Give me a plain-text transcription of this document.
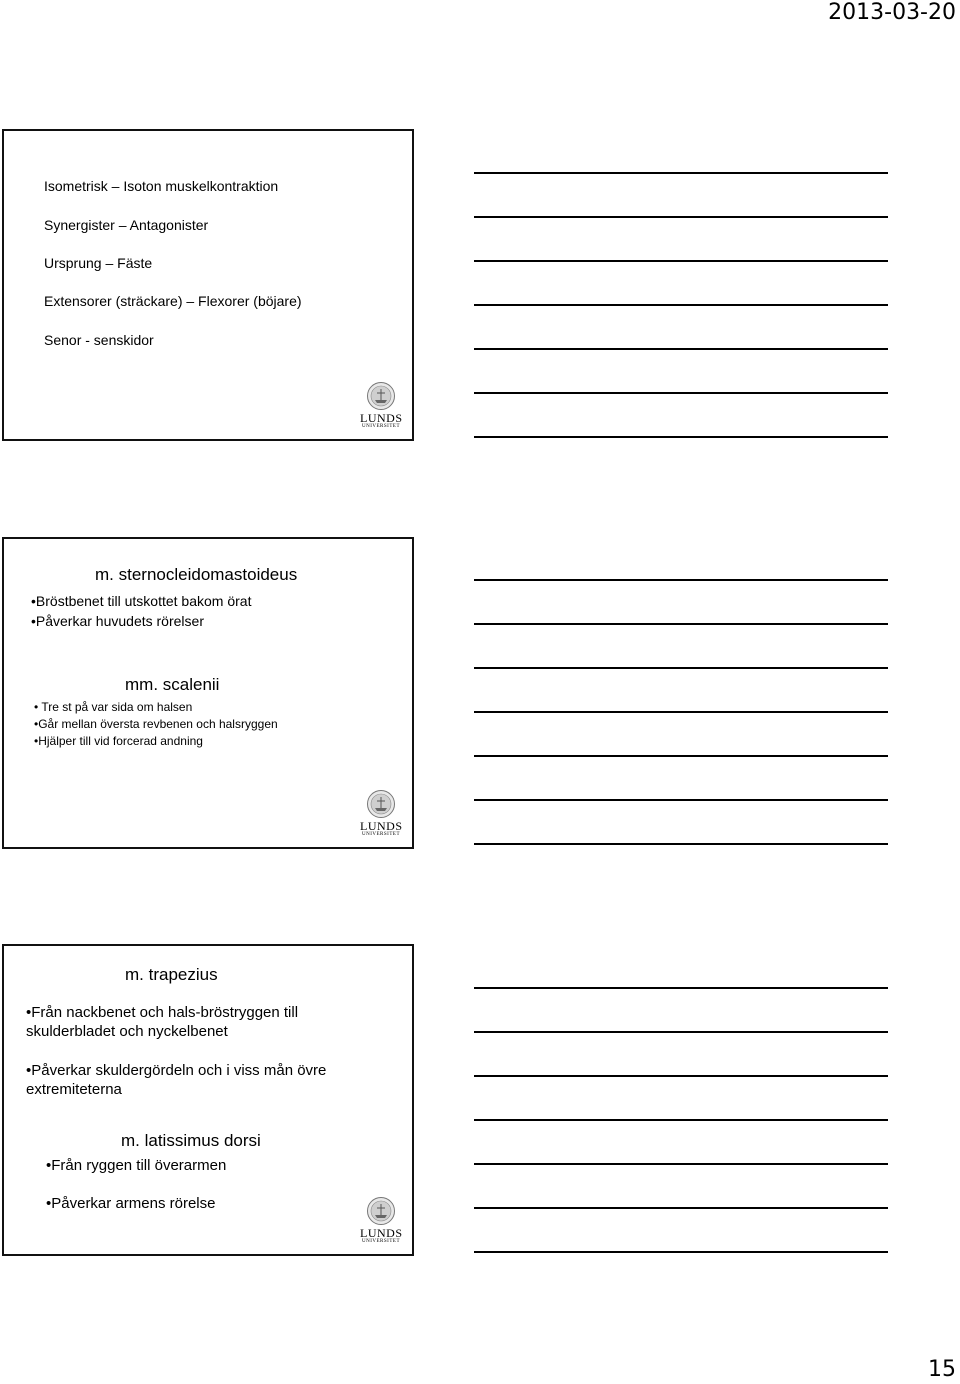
2013-03-20
Isometrisk – Isoton muskelkontraktion
Synergister – Antagonister
Ursprung – Fäste
Extensorer (sträckare) – Flexorer (böjare)
Senor - senskidor
LUNDS
UNIVERSITET
m. sternocleidomastoideus
•Bröstbenet till utskottet bakom örat
•Påverkar huvudets rörelser
mm. scalenii
• Tre st på var sida om halsen
•Går mellan översta revbenen och halsryggen
•Hjälper till vid forcerad andning
LUNDS
UNIVERSITET
m. trapezius
•Från nackbenet och hals-bröstryggen till
skulderbladet och nyckelbenet
•Påverkar skuldergördeln och i viss mån övre
extremiteterna
m. latissimus dorsi
•Från ryggen till överarmen
•Påverkar armens rörelse
LUNDS
UNIVERSITET
15
